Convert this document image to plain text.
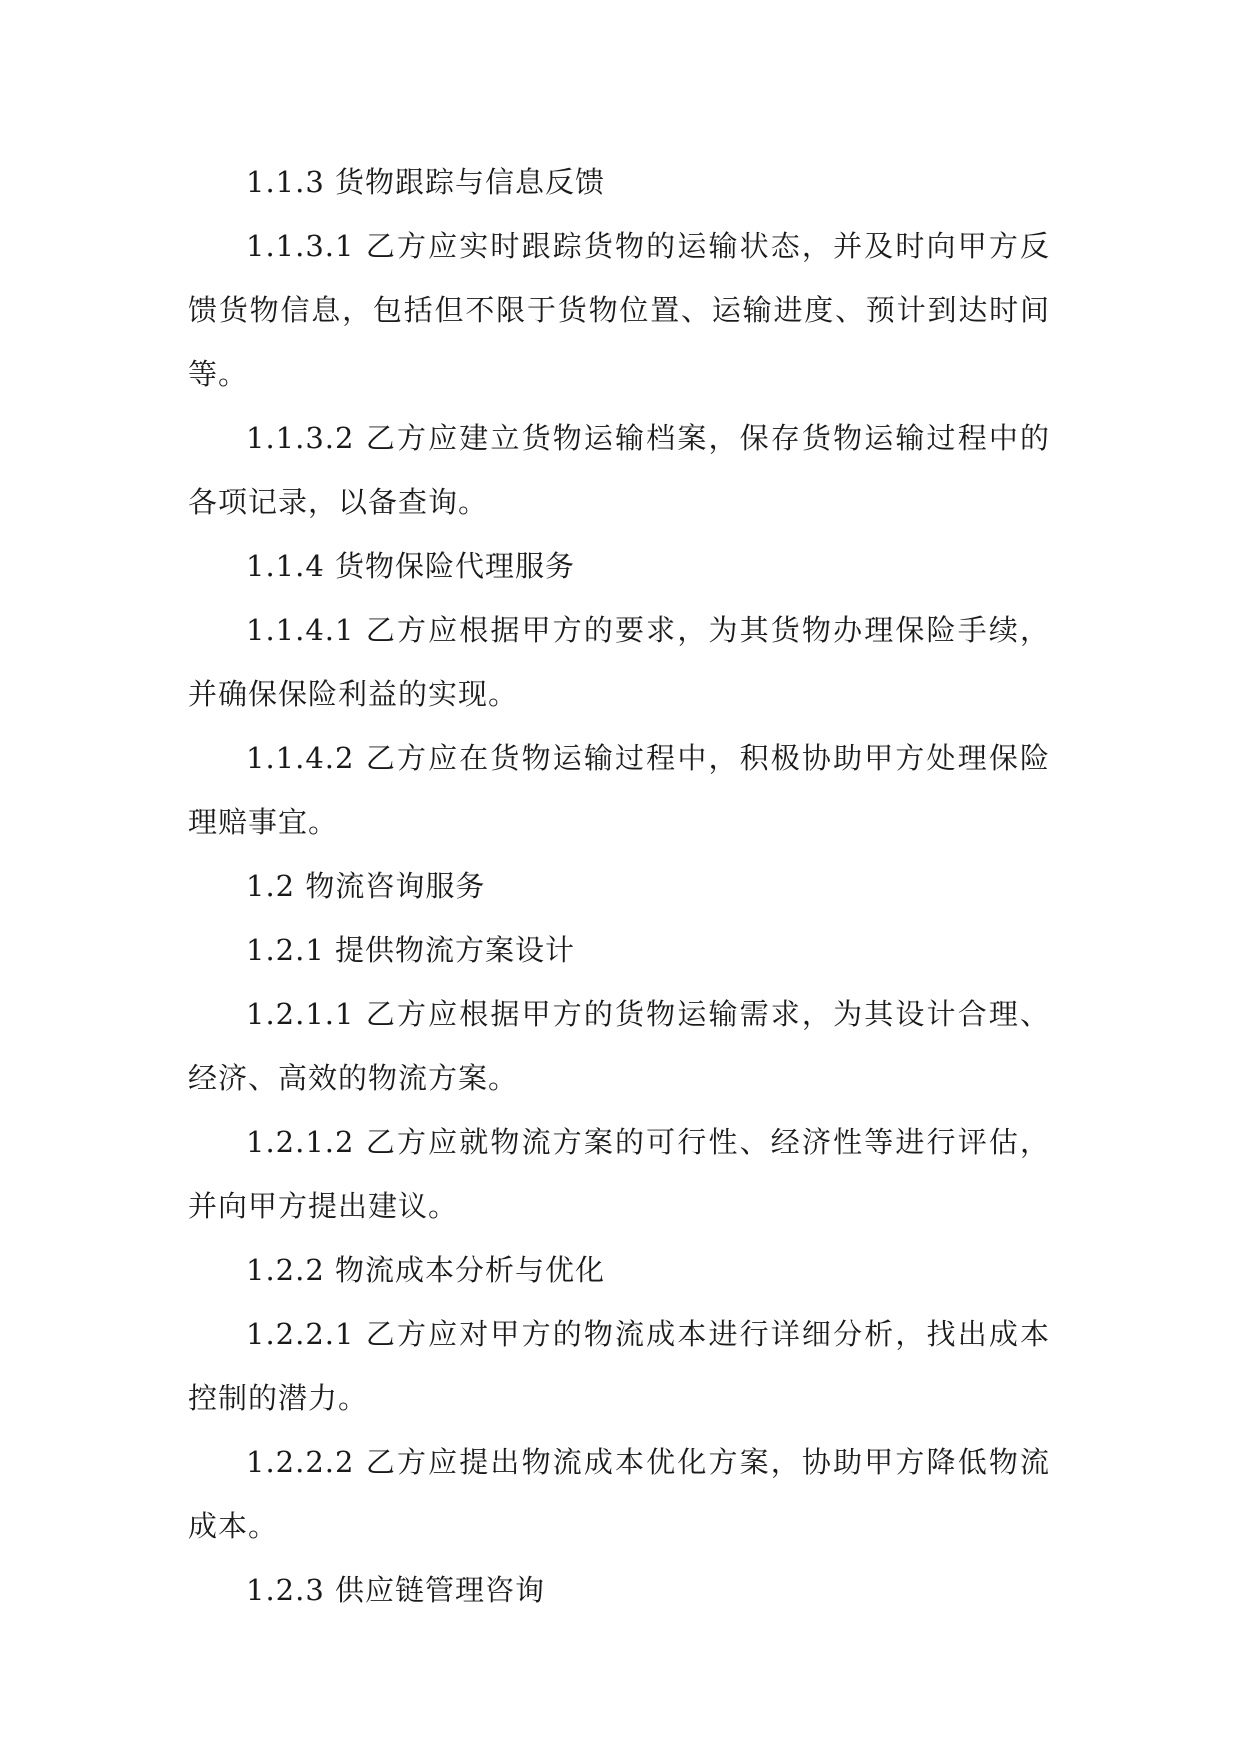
1.1.3 货物跟踪与信息反馈

1.1.3.1 乙方应实时跟踪货物的运输状态，并及时向甲方反馈货物信息，包括但不限于货物位置、运输进度、预计到达时间等。

1.1.3.2 乙方应建立货物运输档案，保存货物运输过程中的各项记录，以备查询。

1.1.4 货物保险代理服务

1.1.4.1 乙方应根据甲方的要求，为其货物办理保险手续，并确保保险利益的实现。

1.1.4.2 乙方应在货物运输过程中，积极协助甲方处理保险理赔事宜。

1.2 物流咨询服务

1.2.1 提供物流方案设计

1.2.1.1 乙方应根据甲方的货物运输需求，为其设计合理、经济、高效的物流方案。

1.2.1.2 乙方应就物流方案的可行性、经济性等进行评估，并向甲方提出建议。

1.2.2 物流成本分析与优化

1.2.2.1 乙方应对甲方的物流成本进行详细分析，找出成本控制的潜力。

1.2.2.2 乙方应提出物流成本优化方案，协助甲方降低物流成本。

1.2.3 供应链管理咨询
